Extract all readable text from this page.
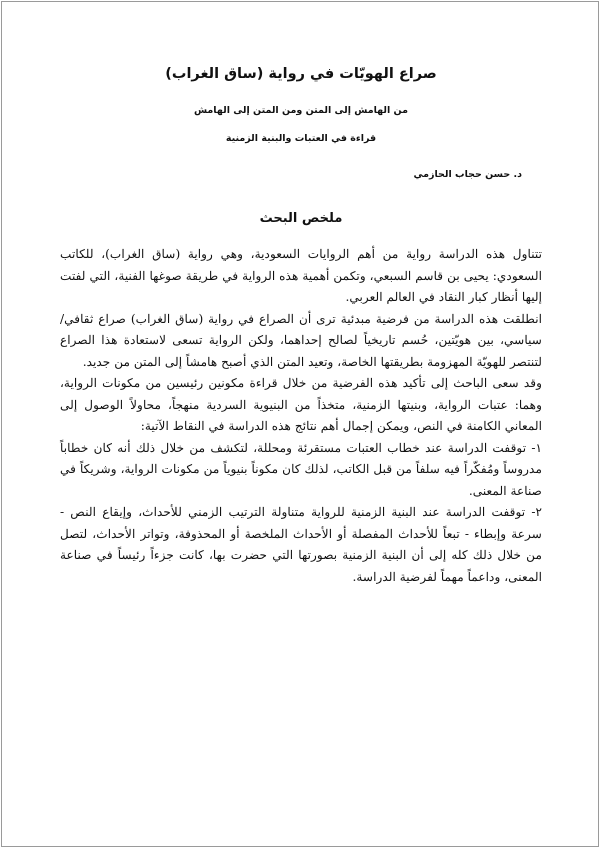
صراع الهويّات في رواية (ساق الغراب)
من الهامش إلى المتن ومن المتن إلى الهامش
قراءة في العتبات والبنية الزمنية
د. حسن حجاب الحازمي
ملخص البحث

تتناول هذه الدراسة رواية من أهم الروايات السعودية، وهي رواية (ساق الغراب)، للكاتب السعودي: يحيى بن قاسم السبعي، وتكمن أهمية هذه الرواية في طريقة صوغها الفنية، التي لفتت إليها أنظار كبار النقاد في العالم العربي.

انطلقت هذه الدراسة من فرضية مبدئية ترى أن الصراع في رواية (ساق الغراب) صراع ثقافي/ سياسي، بين هويّتين، حُسم تاريخياً لصالح إحداهما، ولكن الرواية تسعى لاستعادة هذا الصراع لتنتصر للهويّة المهزومة بطريقتها الخاصة، وتعيد المتن الذي أصبح هامشاً إلى المتن من جديد.

وقد سعى الباحث إلى تأكيد هذه الفرضية من خلال قراءة مكونين رئيسين من مكونات الرواية، وهما: عتبات الرواية، وبنيتها الزمنية، متخذاً من البنيوية السردية منهجاً، محاولاً الوصول إلى المعاني الكامنة في النص، ويمكن إجمال أهم نتائج هذه الدراسة في النقاط الآتية:

١- توقفت الدراسة عند خطاب العتبات مستقرئة ومحللة، لتكشف من خلال ذلك أنه كان خطاباً مدروساً ومُفكّراً فيه سلفاً من قبل الكاتب، لذلك كان مكوناً بنيوياً من مكونات الرواية، وشريكاً في صناعة المعنى.

٢- توقفت الدراسة عند البنية الزمنية للرواية متناولة الترتيب الزمني للأحداث، وإيقاع النص - سرعة وإبطاء - تبعاً للأحداث المفصلة أو الأحداث الملخصة أو المحذوفة، وتواتر الأحداث، لتصل من خلال ذلك كله إلى أن البنية الزمنية بصورتها التي حضرت بها، كانت جزءاً رئيساً في صناعة المعنى، وداعماً مهماً لفرضية الدراسة.
